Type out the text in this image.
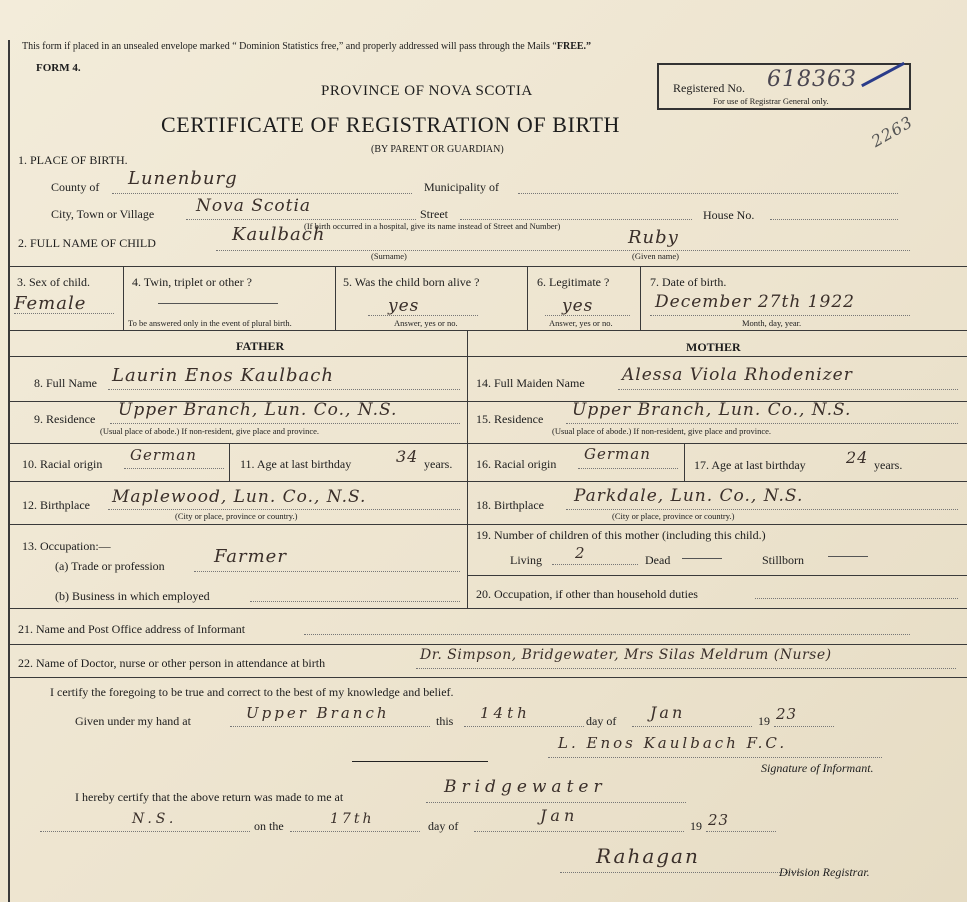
This form if placed in an unsealed envelope marked “ Dominion Statistics free,” and properly addressed will pass through the Mails “FREE.”
FORM 4.
PROVINCE OF NOVA SCOTIA
CERTIFICATE OF REGISTRATION OF BIRTH
(BY PARENT OR GUARDIAN)
Registered No. 618363
For use of Registrar General only.
2263
1. PLACE OF BIRTH.
County of Lunenburg	Municipality of
City, Town or Village Nova Scotia	Street	House No.
(If birth occurred in a hospital, give its name instead of Street and Number)
2. FULL NAME OF CHILD	Kaulbach	Ruby
(Surname)	(Given name)
3. Sex of child.
Female
4. Twin, triplet or other ?
To be answered only in the event of plural birth.
5. Was the child born alive ?
yes
Answer, yes or no.
6. Legitimate ?
yes
Answer, yes or no.
7. Date of birth.
December 27th 1922
Month, day, year.
FATHER	MOTHER
8. Full Name Laurin Enos Kaulbach
9. Residence Upper Branch, Lun. Co., N.S.
(Usual place of abode.) If non-resident, give place and province.
10. Racial origin German	11. Age at last birthday	34 years.
12. Birthplace Maplewood, Lun. Co., N.S.
(City or place, province or country.)
13. Occupation:—
(a) Trade or profession	Farmer
(b) Business in which employed
14. Full Maiden Name Alessa Viola Rhodenizer
15. Residence Upper Branch, Lun. Co., N.S.
(Usual place of abode.) If non-resident, give place and province.
16. Racial origin
German
17. Age at last birthday	24 years.
18. Birthplace Parkdale, Lun. Co., N.S.
(City or place, province or country.)
19. Number of children of this mother (including this child.)
Living 2	Dead	Stillborn
20. Occupation, if other than household duties
21. Name and Post Office address of Informant
22. Name of Doctor, nurse or other person in attendance at birth	Dr. Simpson, Bridgewater, Mrs Silas Meldrum (Nurse)
I certify the foregoing to be true and correct to the best of my knowledge and belief.
Given under my hand at	Upper Branch	this 14th	day of Jan	19 23
L. Enos Kaulbach F.C.
Signature of Informant.
I hereby certify that the above return was made to me at	Bridgewater
N.S.	on the	17th	day of
Jan
19 23
Rahagan
Division Registrar.
